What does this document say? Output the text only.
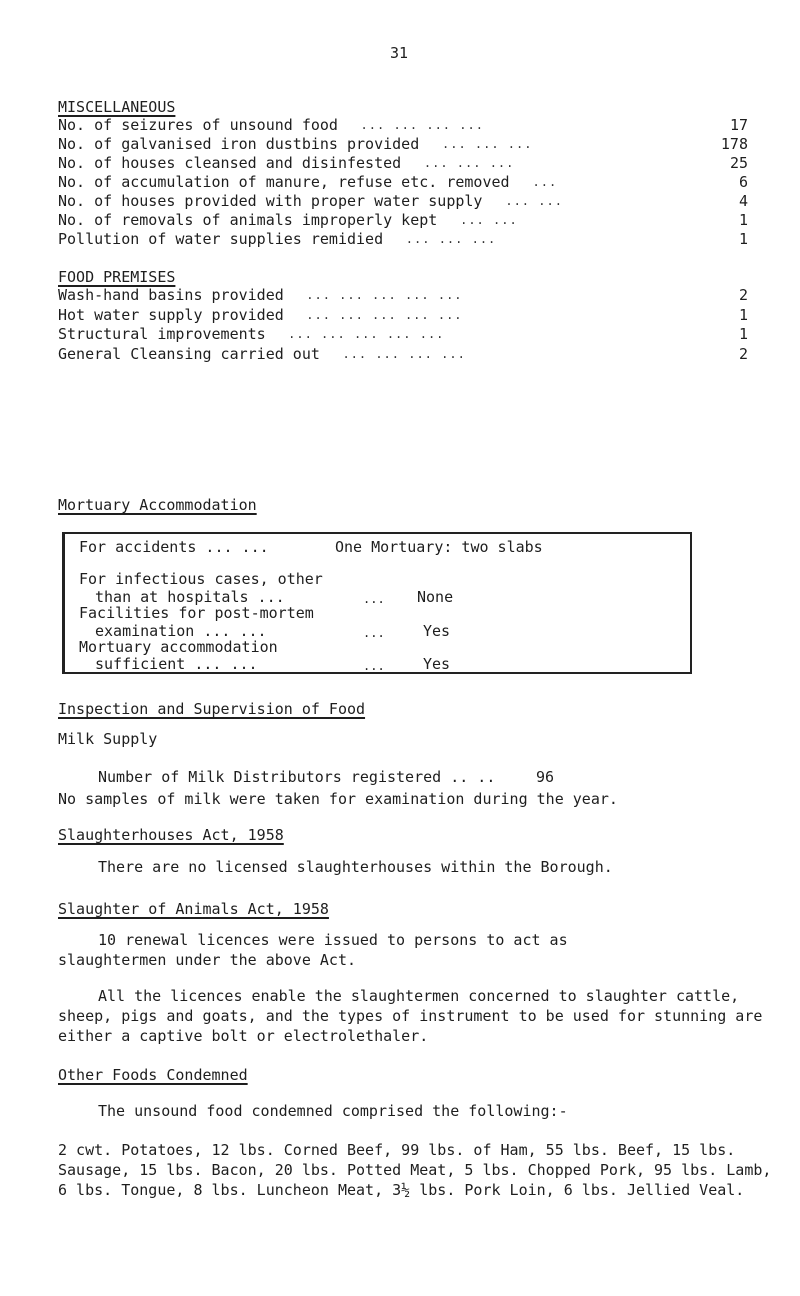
31
MISCELLANEOUS
No. of seizures of unsound food ... ... ... ...	17
No. of galvanised iron dustbins provided ... ... ...	178
No. of houses cleansed and disinfested ... ... ...	25
No. of accumulation of manure, refuse etc. removed ...	6
No. of houses provided with proper water supply ... ...	4
No. of removals of animals improperly kept ... ...	1
Pollution of water supplies remidied ... ... ...	1
FOOD PREMISES
Wash-hand basins provided ... ... ... ... ...	2
Hot water supply provided ... ... ... ... ...	1
Structural improvements ... ... ... ... ...	1
General Cleansing carried out ... ... ... ...	2
Mortuary Accommodation
For accidents ... ...	One Mortuary: two slabs
For infectious cases, other
than at hospitals ...	... None
Facilities for post-mortem
examination ... ...	...	Yes
Mortuary accommodation
sufficient ... ...	...	Yes
Inspection and Supervision of Food
Milk Supply
Number of Milk Distributors registered .. ..	96
No samples of milk were taken for examination during the year.
Slaughterhouses Act, 1958
There are no licensed slaughterhouses within the Borough.
Slaughter of Animals Act, 1958
10 renewal licences were issued to persons to act as slaughtermen under the above Act.
All the licences enable the slaughtermen concerned to slaughter cattle, sheep, pigs and goats, and the types of instrument to be used for stunning are either a captive bolt or electrolethaler.
Other Foods Condemned
The unsound food condemned comprised the following:-
2 cwt. Potatoes, 12 lbs. Corned Beef, 99 lbs. of Ham, 55 lbs. Beef, 15 lbs. Sausage, 15 lbs. Bacon, 20 lbs. Potted Meat, 5 lbs. Chopped Pork, 95 lbs. Lamb, 6 lbs. Tongue, 8 lbs. Luncheon Meat, 3½ lbs. Pork Loin, 6 lbs. Jellied Veal.
